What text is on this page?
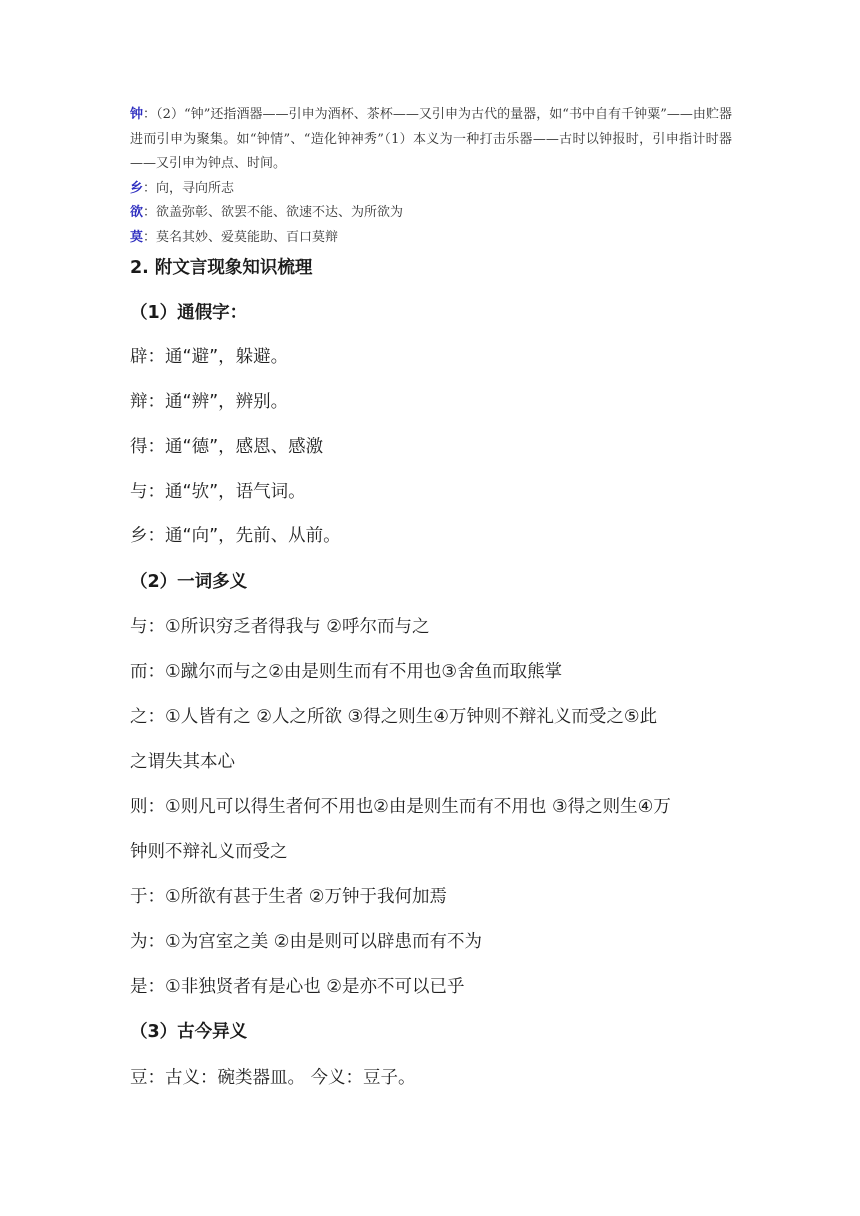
钟：（2）“钟”还指酒器——引申为酒杯、茶杯——又引申为古代的量器，如“书中自有千钟粟”——由贮器进而引申为聚集。如“钟情”、“造化钟神秀”（1）本义为一种打击乐器——古时以钟报时，引申指计时器——又引申为钟点、时间。
乡：向，寻向所志
欲：欲盖弥彰、欲罢不能、欲速不达、为所欲为
莫：莫名其妙、爱莫能助、百口莫辩
2. 附文言现象知识梳理
（1）通假字：
辟：通“避”，躲避。
辩：通“辨”，辨别。
得：通“德”，感恩、感激
与：通“欤”，语气词。
乡：通“向”，先前、从前。
（2）一词多义
与：①所识穷乏者得我与 ②呼尔而与之
而：①蹴尔而与之②由是则生而有不用也③舍鱼而取熊掌
之：①人皆有之 ②人之所欲 ③得之则生④万钟则不辩礼义而受之⑤此
之谓失其本心
则：①则凡可以得生者何不用也②由是则生而有不用也 ③得之则生④万
钟则不辩礼义而受之
于：①所欲有甚于生者 ②万钟于我何加焉
为：①为宫室之美 ②由是则可以辟患而有不为
是：①非独贤者有是心也 ②是亦不可以已乎
（3）古今异义
豆：古义：碗类器皿。 今义：豆子。
